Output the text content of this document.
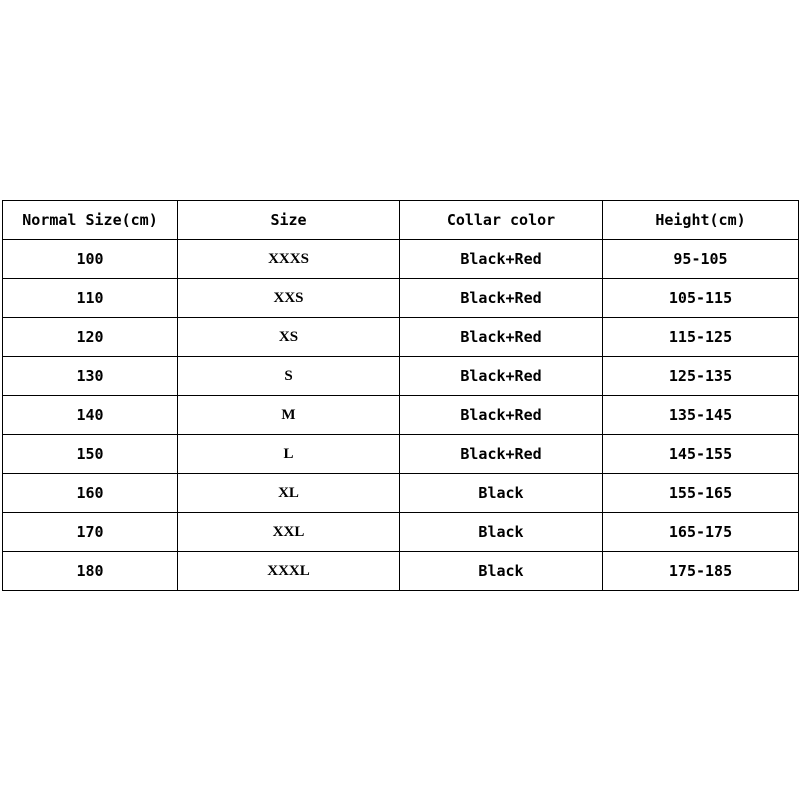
Normal Size(cm)	Size	Collar color	Height(cm)
100	XXXS	Black+Red	95-105
110	XXS	Black+Red	105-115
120	XS	Black+Red	115-125
130	S	Black+Red	125-135
140	M	Black+Red	135-145
150	L	Black+Red	145-155
160	XL	Black	155-165
170	XXL	Black	165-175
180	XXXL	Black	175-185
